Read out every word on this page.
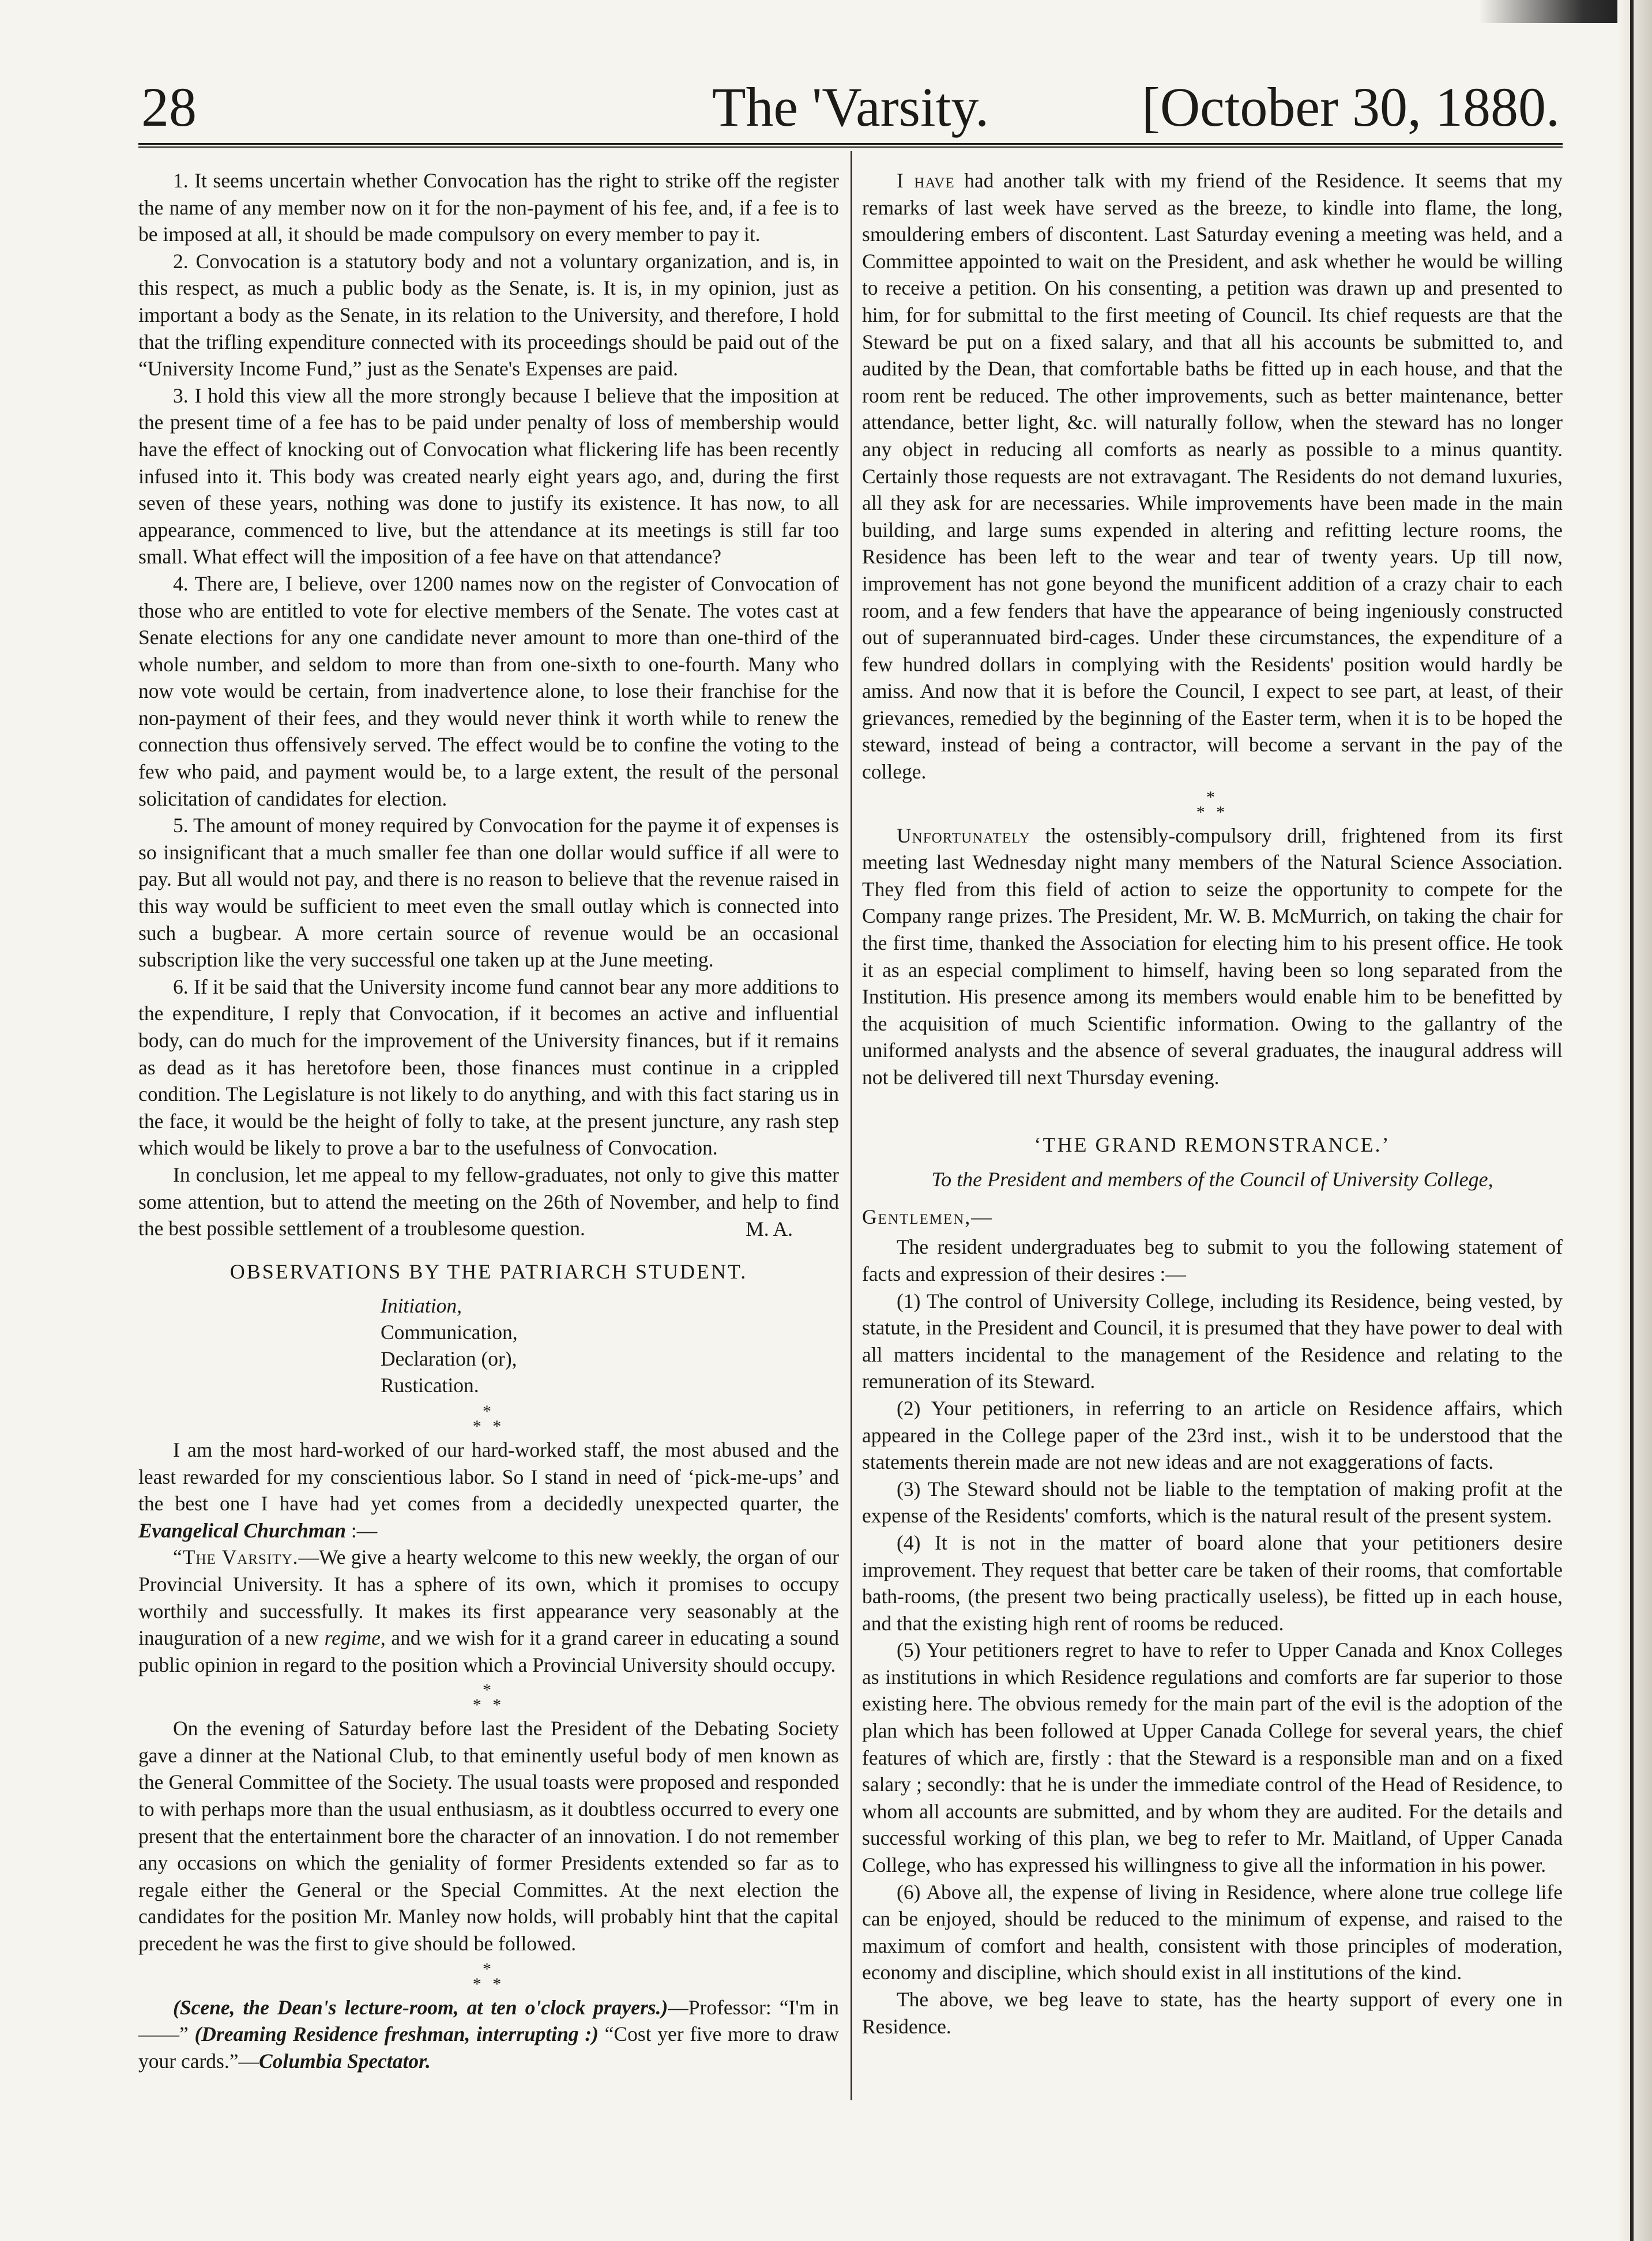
28	The 'Varsity.	[October 30, 1880.

1. It seems uncertain whether Convocation has the right to strike off the register the name of any member now on it for the non-payment of his fee, and, if a fee is to be imposed at all, it should be made compulsory on every member to pay it.

2. Convocation is a statutory body and not a voluntary organization, and is, in this respect, as much a public body as the Senate, is. It is, in my opinion, just as important a body as the Senate, in its relation to the University, and therefore, I hold that the trifling expenditure connected with its proceedings should be paid out of the “University Income Fund,” just as the Senate's Expenses are paid.

3. I hold this view all the more strongly because I believe that the imposition at the present time of a fee has to be paid under penalty of loss of membership would have the effect of knocking out of Convocation what flickering life has been recently infused into it. This body was created nearly eight years ago, and, during the first seven of these years, nothing was done to justify its existence. It has now, to all appearance, commenced to live, but the attendance at its meetings is still far too small. What effect will the imposition of a fee have on that attendance?

4. There are, I believe, over 1200 names now on the register of Convocation of those who are entitled to vote for elective members of the Senate. The votes cast at Senate elections for any one candidate never amount to more than one-third of the whole number, and seldom to more than from one-sixth to one-fourth. Many who now vote would be certain, from inadvertence alone, to lose their franchise for the non-payment of their fees, and they would never think it worth while to renew the connection thus offensively served. The effect would be to confine the voting to the few who paid, and payment would be, to a large extent, the result of the personal solicitation of candidates for election.

5. The amount of money required by Convocation for the payme it of expenses is so insignificant that a much smaller fee than one dollar would suffice if all were to pay. But all would not pay, and there is no reason to believe that the revenue raised in this way would be sufficient to meet even the small outlay which is connected into such a bugbear. A more certain source of revenue would be an occasional subscription like the very successful one taken up at the June meeting.

6. If it be said that the University income fund cannot bear any more additions to the expenditure, I reply that Convocation, if it becomes an active and influential body, can do much for the improvement of the University finances, but if it remains as dead as it has heretofore been, those finances must continue in a crippled condition. The Legislature is not likely to do anything, and with this fact staring us in the face, it would be the height of folly to take, at the present juncture, any rash step which would be likely to prove a bar to the usefulness of Convocation.

In conclusion, let me appeal to my fellow-graduates, not only to give this matter some attention, but to attend the meeting on the 26th of November, and help to find the best possible settlement of a troublesome question.	M. A.
OBSERVATIONS BY THE PATRIARCH STUDENT.
Initiation,
Communication,
Declaration (or),
Rustication.
*
* *

I am the most hard-worked of our hard-worked staff, the most abused and the least rewarded for my conscientious labor. So I stand in need of ‘pick-me-ups’ and the best one I have had yet comes from a decidedly unexpected quarter, the Evangelical Churchman :—

“The Varsity.—We give a hearty welcome to this new weekly, the organ of our Provincial University. It has a sphere of its own, which it promises to occupy worthily and successfully. It makes its first appearance very seasonably at the inauguration of a new regime, and we wish for it a grand career in educating a sound public opinion in regard to the position which a Provincial University should occupy.

*
* *

On the evening of Saturday before last the President of the Debating Society gave a dinner at the National Club, to that eminently useful body of men known as the General Committee of the Society. The usual toasts were proposed and responded to with perhaps more than the usual enthusiasm, as it doubtless occurred to every one present that the entertainment bore the character of an innovation. I do not remember any occasions on which the geniality of former Presidents extended so far as to regale either the General or the Special Committes. At the next election the candidates for the position Mr. Manley now holds, will probably hint that the capital precedent he was the first to give should be followed.

*
* *

(Scene, the Dean's lecture-room, at ten o'clock prayers.)—Professor: “I'm in——” (Dreaming Residence freshman, interrupting :) “Cost yer five more to draw your cards.”—Columbia Spectator.

I have had another talk with my friend of the Residence. It seems that my remarks of last week have served as the breeze, to kindle into flame, the long, smouldering embers of discontent. Last Saturday evening a meeting was held, and a Committee appointed to wait on the President, and ask whether he would be willing to receive a petition. On his consenting, a petition was drawn up and presented to him, for for submittal to the first meeting of Council. Its chief requests are that the Steward be put on a fixed salary, and that all his accounts be submitted to, and audited by the Dean, that comfortable baths be fitted up in each house, and that the room rent be reduced. The other improvements, such as better maintenance, better attendance, better light, &c. will naturally follow, when the steward has no longer any object in reducing all comforts as nearly as possible to a minus quantity. Certainly those requests are not extravagant. The Residents do not demand luxuries, all they ask for are necessaries. While improvements have been made in the main building, and large sums expended in altering and refitting lecture rooms, the Residence has been left to the wear and tear of twenty years. Up till now, improvement has not gone beyond the munificent addition of a crazy chair to each room, and a few fenders that have the appearance of being ingeniously constructed out of superannuated bird-cages. Under these circumstances, the expenditure of a few hundred dollars in complying with the Residents' position would hardly be amiss. And now that it is before the Council, I expect to see part, at least, of their grievances, remedied by the beginning of the Easter term, when it is to be hoped the steward, instead of being a contractor, will become a servant in the pay of the college.

*
* *

Unfortunately the ostensibly-compulsory drill, frightened from its first meeting last Wednesday night many members of the Natural Science Association. They fled from this field of action to seize the opportunity to compete for the Company range prizes. The President, Mr. W. B. McMurrich, on taking the chair for the first time, thanked the Association for electing him to his present office. He took it as an especial compliment to himself, having been so long separated from the Institution. His presence among its members would enable him to be benefitted by the acquisition of much Scientific information. Owing to the gallantry of the uniformed analysts and the absence of several graduates, the inaugural address will not be delivered till next Thursday evening.

‘THE GRAND REMONSTRANCE.’
To the President and members of the Council of University College,
Gentlemen,—

The resident undergraduates beg to submit to you the following statement of facts and expression of their desires :—

(1) The control of University College, including its Residence, being vested, by statute, in the President and Council, it is presumed that they have power to deal with all matters incidental to the management of the Residence and relating to the remuneration of its Steward.

(2) Your petitioners, in referring to an article on Residence affairs, which appeared in the College paper of the 23rd inst., wish it to be understood that the statements therein made are not new ideas and are not exaggerations of facts.

(3) The Steward should not be liable to the temptation of making profit at the expense of the Residents' comforts, which is the natural result of the present system.

(4) It is not in the matter of board alone that your petitioners desire improvement. They request that better care be taken of their rooms, that comfortable bath-rooms, (the present two being practically useless), be fitted up in each house, and that the existing high rent of rooms be reduced.

(5) Your petitioners regret to have to refer to Upper Canada and Knox Colleges as institutions in which Residence regulations and comforts are far superior to those existing here. The obvious remedy for the main part of the evil is the adoption of the plan which has been followed at Upper Canada College for several years, the chief features of which are, firstly : that the Steward is a responsible man and on a fixed salary ; secondly: that he is under the immediate control of the Head of Residence, to whom all accounts are submitted, and by whom they are audited. For the details and successful working of this plan, we beg to refer to Mr. Maitland, of Upper Canada College, who has expressed his willingness to give all the information in his power.

(6) Above all, the expense of living in Residence, where alone true college life can be enjoyed, should be reduced to the minimum of expense, and raised to the maximum of comfort and health, consistent with those principles of moderation, economy and discipline, which should exist in all institutions of the kind.

The above, we beg leave to state, has the hearty support of every one in Residence.
